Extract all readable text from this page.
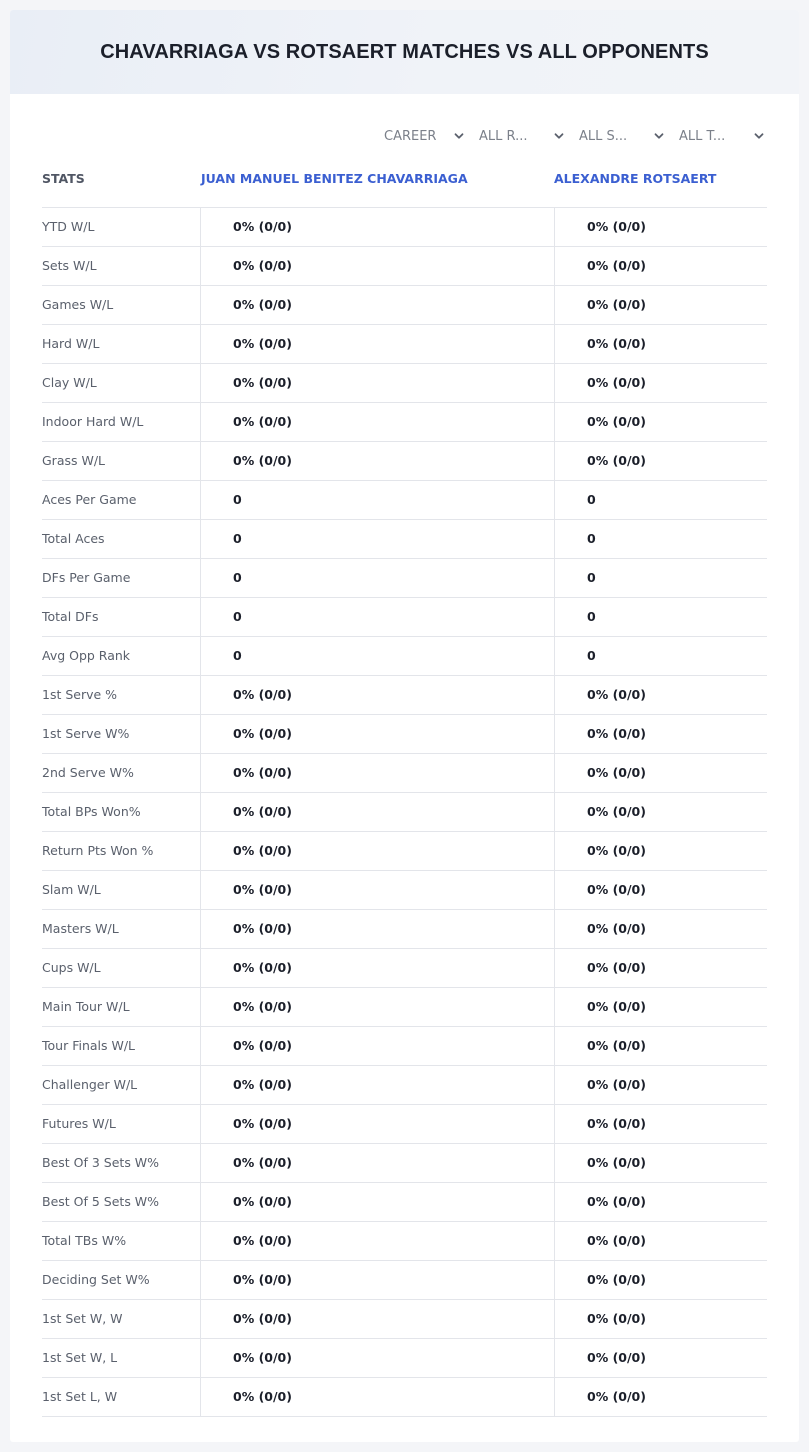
CHAVARRIAGA VS ROTSAERT MATCHES VS ALL OPPONENTS
CAREER	ALL R...	ALL S...	ALL T...
STATS	JUAN MANUEL BENITEZ CHAVARRIAGA	ALEXANDRE ROTSAERT
YTD W/L	0% (0/0)	0% (0/0)
Sets W/L	0% (0/0)	0% (0/0)
Games W/L	0% (0/0)	0% (0/0)
Hard W/L	0% (0/0)	0% (0/0)
Clay W/L	0% (0/0)	0% (0/0)
Indoor Hard W/L	0% (0/0)	0% (0/0)
Grass W/L	0% (0/0)	0% (0/0)
Aces Per Game	0	0
Total Aces	0	0
DFs Per Game	0	0
Total DFs	0	0
Avg Opp Rank	0	0
1st Serve %	0% (0/0)	0% (0/0)
1st Serve W%	0% (0/0)	0% (0/0)
2nd Serve W%	0% (0/0)	0% (0/0)
Total BPs Won%	0% (0/0)	0% (0/0)
Return Pts Won %	0% (0/0)	0% (0/0)
Slam W/L	0% (0/0)	0% (0/0)
Masters W/L	0% (0/0)	0% (0/0)
Cups W/L	0% (0/0)	0% (0/0)
Main Tour W/L	0% (0/0)	0% (0/0)
Tour Finals W/L	0% (0/0)	0% (0/0)
Challenger W/L	0% (0/0)	0% (0/0)
Futures W/L	0% (0/0)	0% (0/0)
Best Of 3 Sets W%	0% (0/0)	0% (0/0)
Best Of 5 Sets W%	0% (0/0)	0% (0/0)
Total TBs W%	0% (0/0)	0% (0/0)
Deciding Set W%	0% (0/0)	0% (0/0)
1st Set W, W	0% (0/0)	0% (0/0)
1st Set W, L	0% (0/0)	0% (0/0)
1st Set L, W	0% (0/0)	0% (0/0)
